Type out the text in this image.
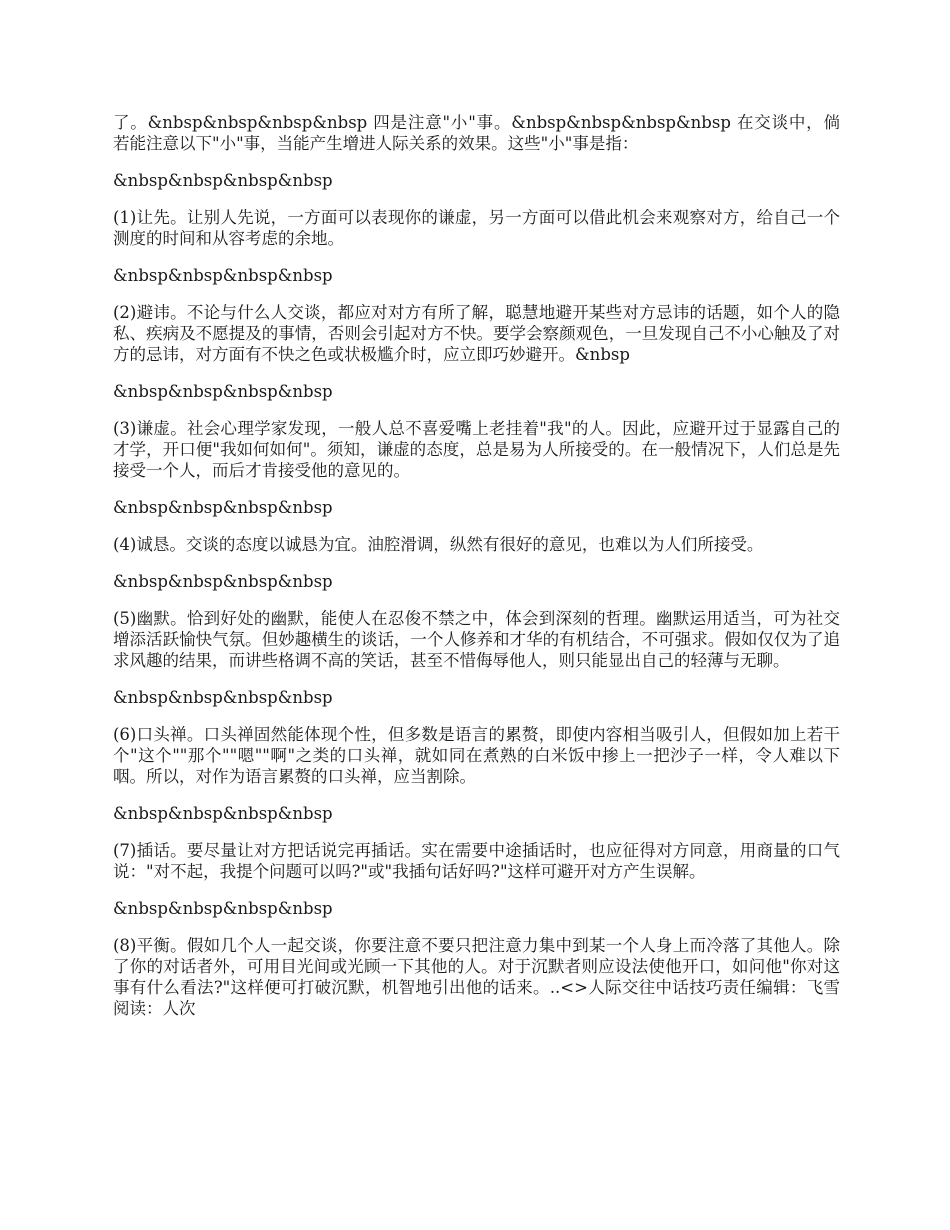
了。&nbsp&nbsp&nbsp&nbsp 四是注意"小"事。&nbsp&nbsp&nbsp&nbsp 在交谈中，倘若能注意以下"小"事，当能产生增进人际关系的效果。这些"小"事是指：

&nbsp&nbsp&nbsp&nbsp

(1)让先。让别人先说，一方面可以表现你的谦虚，另一方面可以借此机会来观察对方，给自己一个测度的时间和从容考虑的余地。

&nbsp&nbsp&nbsp&nbsp

(2)避讳。不论与什么人交谈，都应对对方有所了解，聪慧地避开某些对方忌讳的话题，如个人的隐私、疾病及不愿提及的事情，否则会引起对方不快。要学会察颜观色，一旦发现自己不小心触及了对方的忌讳，对方面有不快之色或状极尴介时，应立即巧妙避开。&nbsp

&nbsp&nbsp&nbsp&nbsp

(3)谦虚。社会心理学家发现，一般人总不喜爱嘴上老挂着"我"的人。因此，应避开过于显露自己的才学，开口便"我如何如何"。须知，谦虚的态度，总是易为人所接受的。在一般情况下，人们总是先接受一个人，而后才肯接受他的意见的。

&nbsp&nbsp&nbsp&nbsp

(4)诚恳。交谈的态度以诚恳为宜。油腔滑调，纵然有很好的意见，也难以为人们所接受。

&nbsp&nbsp&nbsp&nbsp

(5)幽默。恰到好处的幽默，能使人在忍俊不禁之中，体会到深刻的哲理。幽默运用适当，可为社交增添活跃愉快气氛。但妙趣横生的谈话，一个人修养和才华的有机结合，不可强求。假如仅仅为了追求风趣的结果，而讲些格调不高的笑话，甚至不惜侮辱他人，则只能显出自己的轻薄与无聊。

&nbsp&nbsp&nbsp&nbsp

(6)口头禅。口头禅固然能体现个性，但多数是语言的累赘，即使内容相当吸引人，但假如加上若干个"这个""那个""嗯""啊"之类的口头禅，就如同在煮熟的白米饭中掺上一把沙子一样，令人难以下咽。所以，对作为语言累赘的口头禅，应当割除。

&nbsp&nbsp&nbsp&nbsp

(7)插话。要尽量让对方把话说完再插话。实在需要中途插话时，也应征得对方同意，用商量的口气说："对不起，我提个问题可以吗?"或"我插句话好吗?"这样可避开对方产生误解。

&nbsp&nbsp&nbsp&nbsp

(8)平衡。假如几个人一起交谈，你要注意不要只把注意力集中到某一个人身上而冷落了其他人。除了你的对话者外，可用目光间或光顾一下其他的人。对于沉默者则应设法使他开口，如问他"你对这事有什么看法?"这样便可打破沉默，机智地引出他的话来。..<>人际交往中话技巧责任编辑：飞雪 阅读：人次
